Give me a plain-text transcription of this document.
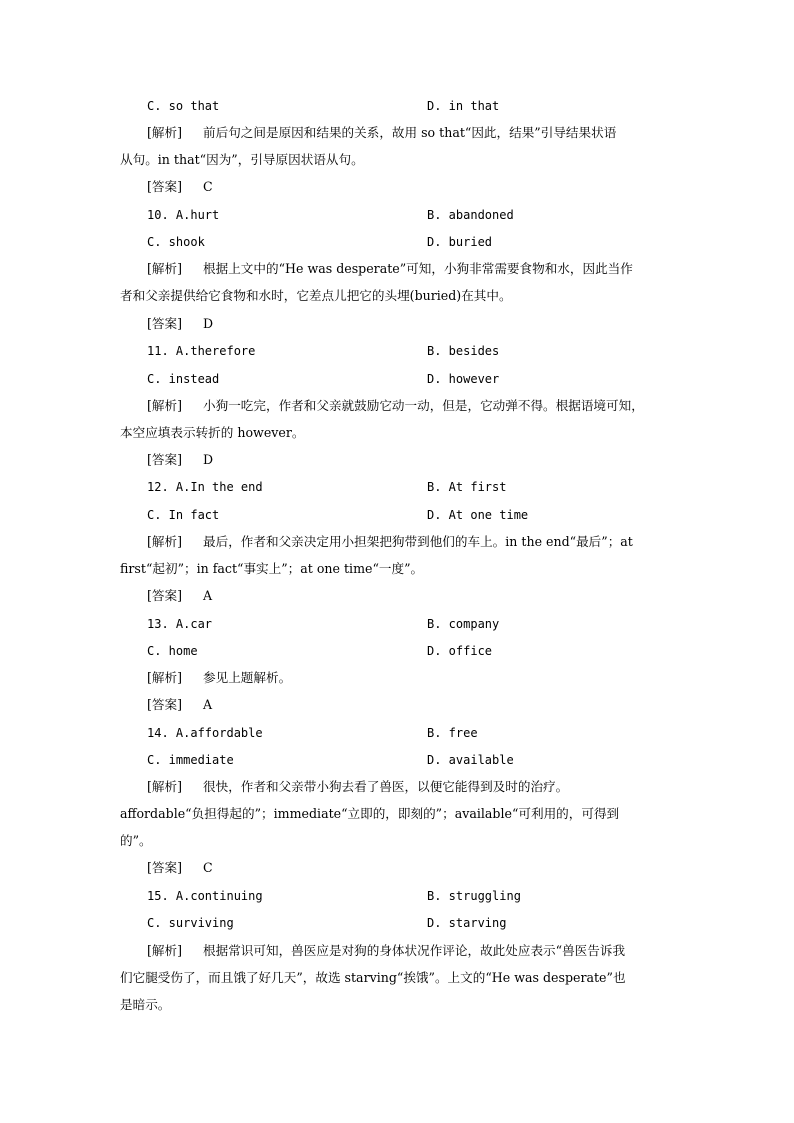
C. so that	D. in that
[解析] 前后句之间是原因和结果的关系，故用 so that“因此，结果”引导结果状语
从句。in that“因为”，引导原因状语从句。
[答案] C
10. A.hurt	B. abandoned
C. shook	D. buried
[解析] 根据上文中的“He was desperate”可知，小狗非常需要食物和水，因此当作
者和父亲提供给它食物和水时，它差点儿把它的头埋(buried)在其中。
[答案] D
11. A.therefore	B. besides
C. instead	D. however
[解析] 小狗一吃完，作者和父亲就鼓励它动一动，但是，它动弹不得。根据语境可知，
本空应填表示转折的 however。
[答案] D
12. A.In the end	B. At first
C. In fact	D. At one time
[解析] 最后，作者和父亲决定用小担架把狗带到他们的车上。in the end“最后”；at
first“起初”；in fact“事实上”；at one time“一度”。
[答案] A
13. A.car	B. company
C. home	D. office
[解析] 参见上题解析。
[答案] A
14. A.affordable	B. free
C. immediate	D. available
[解析] 很快，作者和父亲带小狗去看了兽医，以便它能得到及时的治疗。
affordable“负担得起的”；immediate“立即的，即刻的”；available“可利用的，可得到
的”。
[答案] C
15. A.continuing	B. struggling
C. surviving	D. starving
[解析] 根据常识可知，兽医应是对狗的身体状况作评论，故此处应表示“兽医告诉我
们它腿受伤了，而且饿了好几天”，故选 starving“挨饿”。上文的“He was desperate”也
是暗示。
